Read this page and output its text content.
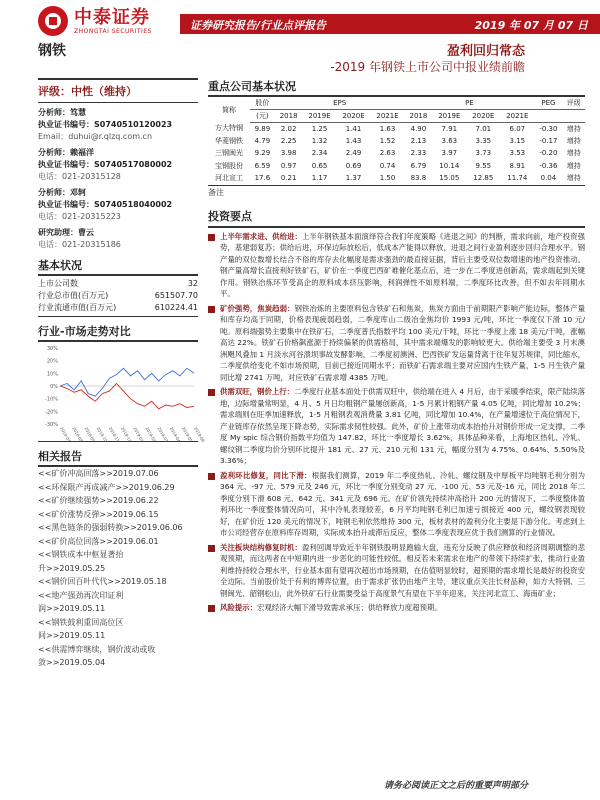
中泰证券
ZHONGTAI SECURITIES	证券研究报告/行业点评报告	2019 年 07 月 07 日
钢铁	盈利回归常态
-2019 年钢铁上市公司中报业绩前瞻
评级：中性（维持）
分析师：笃慧
执业证书编号：S0740510120023
Email：duhui@r.qlzq.com.cn
分析师：赖福洋
执业证书编号：S0740517080002
电话：021-20315128
分析师：邓轲
执业证书编号：S0740518040002
电话：021-20315223
研究助理：曹云
电话：021-20315186
基本状况
上市公司数	32
行业总市值(百万元)	651507.70
行业流通市值(百万元)	610224.41
行业-市场走势对比
30%
20%
10%
0%
-10%
-20%
-30%
2018-07 2018-08 2018-09 2018-10 2018-11 2018-12 2019-01 2019-02 2019-03 2019-04 2019-05 2019-06
相关报告
<<矿价冲高回落>>2019.07.06
<<环保限产再成减产>>2019.06.29
<<矿价继续强势>>2019.06.22
<<矿价涨势反弹>>2019.06.15
<<黑色链条的强弱转换>>2019.06.06
<<矿价高位回落>>2019.06.01
<<钢铁成本中枢显著抬
升>>2019.05.25
<<钢价回百叶代代>>2019.05.18
<<地产强劲再次印证利
润>>2019.05.11
<<钢铁鼓利重回高位区
间>>2019.05.11
<<供需博弈继续，钢价波动或收
敛>>2019.05.04
重点公司基本状况
简称	股价	EPS				PE				PEG	评级
	(元)	2018	2019E	2020E	2021E	2018	2019E	2020E	2021E		
方大特钢	9.89	2.02	1.25	1.41	1.63	4.90	7.91	7.01	6.07	-0.30	增持
华菱钢铁	4.79	2.25	1.32	1.43	1.52	2.13	3.63	3.35	3.15	-0.17	增持
三钢闽光	9.29	3.98	2.34	2.49	2.63	2.33	3.97	3.73	3.53	-0.20	增持
宝钢股份	6.59	0.97	0.65	0.69	0.74	6.79	10.14	9.55	8.91	-0.36	增持
河北宣工	17.6	0.21	1.17	1.37	1.50	83.8	15.05	12.85	11.74	0.04	增持
备注
投资要点
上半年需求进、供给进：上半年钢铁基本面演绎符合我们年度策略《进退之间》的判断，需求向前，地产投资强势，基建弱复苏；供给后进，环保边际放松后，低成本产能得以释放，进退之间行业盈利逐步回归合理水平。钢产量的双位数增长结合不俗的库存去化幅度是需求强劲的最直接证据，背后主要受双位数增速的地产投资推动。钢产量高增长直接利好铁矿石，矿价在一季度巴西矿难催化基点后，进一步在二季度进创新高，需求端起到关键作用。钢铁冶炼环节受高企的原料成本挤压影响，利润弹性不如原料端，二季度环比改善，但不如去年同期水平。
矿价强势，焦炭趋弱：钢铁冶炼的主要原料包含铁矿石和焦炭，焦炭方面由于前期限产影响产能边际，整体产量和库存均高于同期，价格表现疲弱趋弱，二季度库山二级冶金焦均价 1993 元/吨，环比一季度仅下滑 10 元/吨。原料端强势主要集中在铁矿石，二季度普氏指数平均 100 美元/干吨，环比一季度上涨 18 美元/干吨，涨幅高达 22%。铁矿石价格飙涨源于持续偏紧的供需格局，其中需求端爆发的影响较更大。供给端主要受 3 月末澳洲飓风叠加 1 月淡水河谷溃坝事故发酵影响，二季度初澳洲、巴西铁矿发运量背离于往年复苏规律，同比缩水，二季度供给变化不如市场预期，目前已接近同期水平；而铁矿石需求端主要对应国内生铁产量，1-5 月生铁产量同比增 2741 万吨，对应铁矿石需求增 4385 万吨。
供需双旺，钢价上行：二季度行业基本面处于供需双旺中，供给端在进入 4 月后，由于采暖季结束，限产陆续落地，边际增量常明显，4 月、5 月日均粗钢产量屡创新高，1-5 月累计粗钢产量 4.05 亿吨，同比增加 10.2%；需求端则在旺季加速释放，1-5 月粗钢表观消费量 3.81 亿吨，同比增加 10.4%，在产量增速位于高位情况下，产业链库存依然呈现下降态势，实际需求韧性较强。此外，矿价上涨带动成本抬抬升对钢价形成一定支撑，二季度 My spic 综合钢价指数平均值为 147.82，环比一季度增长 3.62%，具体品种来看，上海地区热轧、冷轧、螺纹钢二季度均价分别环比提升 181 元、27 元、210 元和 131 元，幅度分别为 4.75%、0.64%、5.50%及 3.36%；
盈利环比修复，同比下滑：根据我们测算，2019 年二季度热轧、冷轧、螺纹钢及中厚板平均吨钢毛利分别为 364 元、-97 元、579 元及 246 元，环比一季度分别变动 27 元、-100 元、53 元及-16 元，同比 2018 年二季度分别下滑 608 元、642 元、341 元及 696 元。在矿价领先持续冲高抬升 200 元的情况下，二季度整体盈利环比一季度整体情况尚可，其中冷轧表现较差，6 月平均吨钢毛利已加速亏损接近 400 元，螺纹钢表现较好，在矿价近 120 美元的情况下，吨钢毛利依然维持 300 元，板材表材的盈利分化主要是下游分化。考虑到上市公司经营存在原料库存周期，实际成本抬升或滞后反应，整体二季度表现应优于我们测算的行业情况。
关注板块结构修复时机：盈利回调导致近半年钢铁股明显跑输大盘，违充分反映了供应释放和经济周期调整的悲观预期，而这两者在中短期内进一步恶化的可能性较低。相反若未来需求在地产的带领下持续扩张，推动行业盈利维持持较合理水平，行业基本面有望再次超出市场预期，在估值明显较时，超预期的需求增长是最好的投资安全边际。当前股价处于有利的博弈位置，由于需求扩张仍由地产主导，建议重点关注长材品种，如方大特钢、三钢闽光、韶钢松山，此外铁矿石行业需要受益于高度景气有望在下半年迎来，关注河北宣工、海南矿业；
风险提示：宏观经济大幅下滑导致需求承压；供给释放力度超预期。
请务必阅读正文之后的重要声明部分
